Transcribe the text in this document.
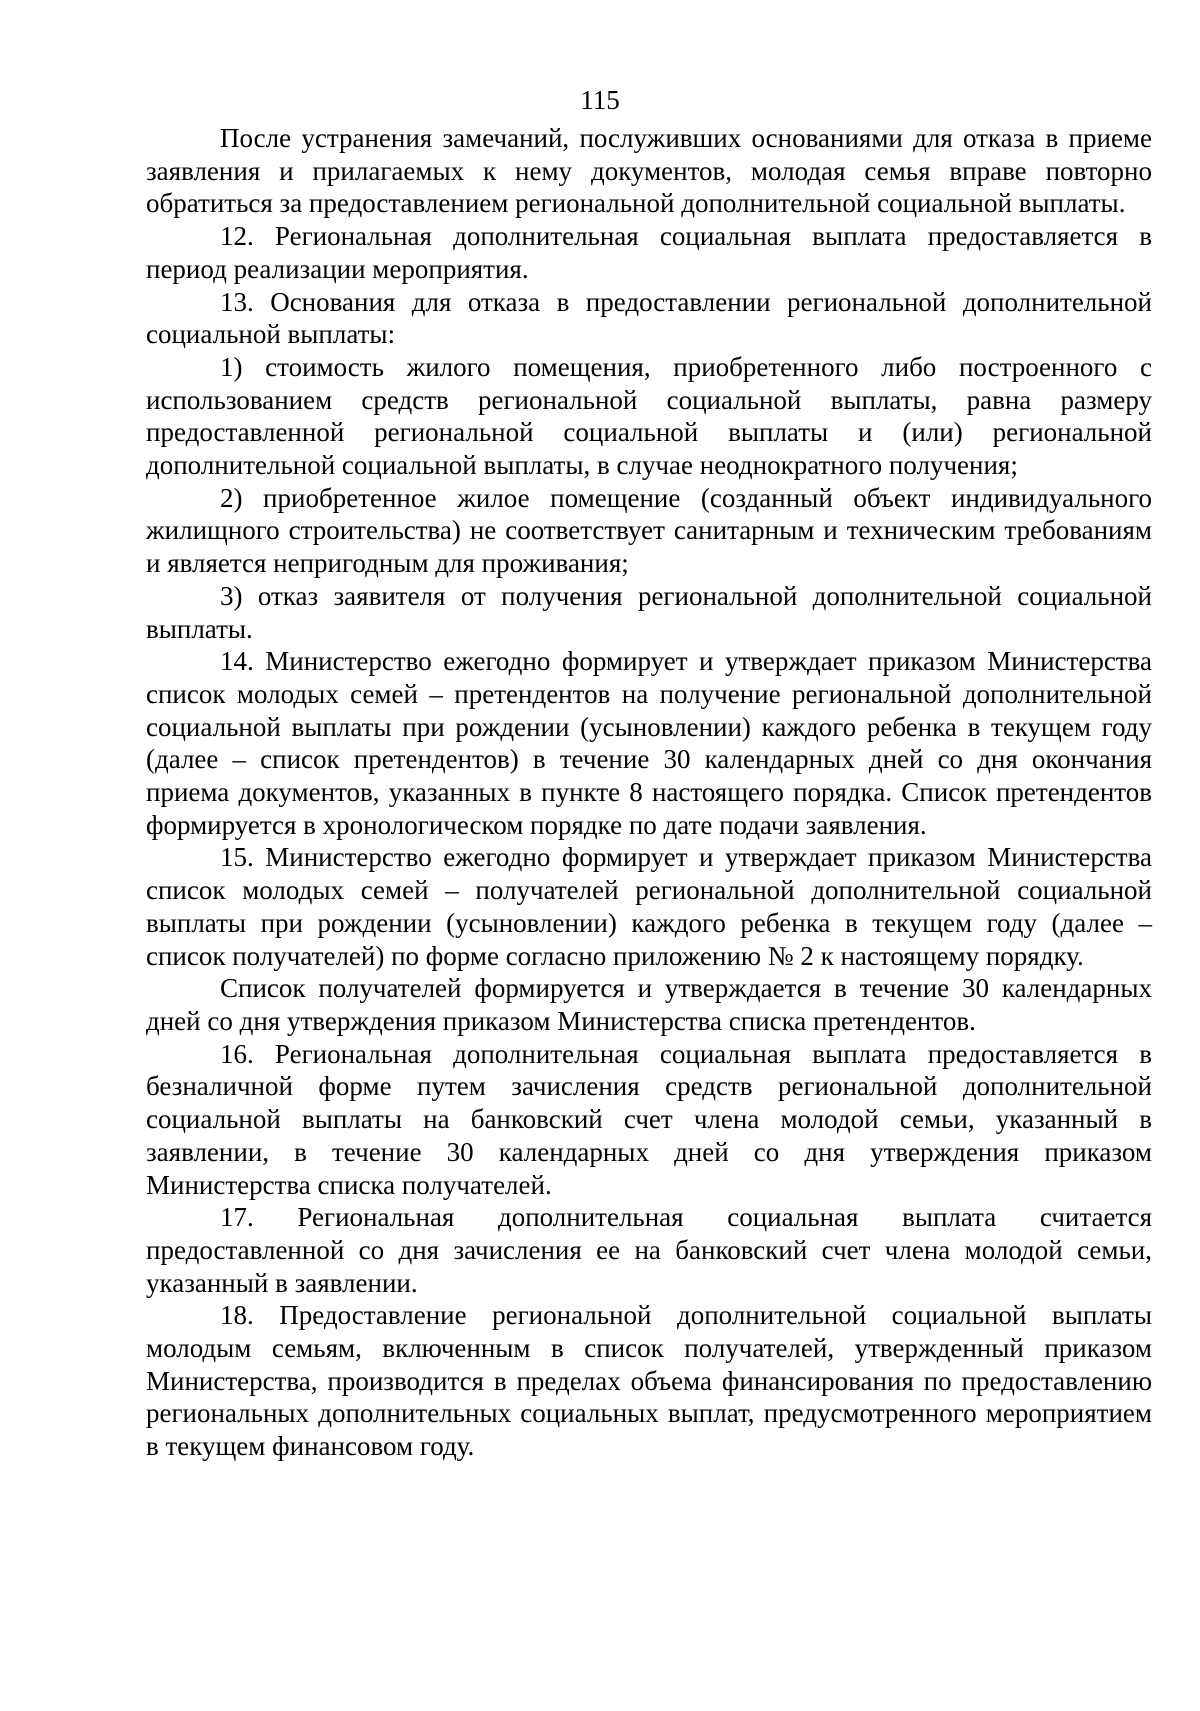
115

После устранения замечаний, послуживших основаниями для отказа в приеме заявления и прилагаемых к нему документов, молодая семья вправе повторно обратиться за предоставлением региональной дополнительной социальной выплаты.

12. Региональная дополнительная социальная выплата предоставляется в период реализации мероприятия.

13. Основания для отказа в предоставлении региональной дополнительной социальной выплаты:

1) стоимость жилого помещения, приобретенного либо построенного с использованием средств региональной социальной выплаты, равна размеру предоставленной региональной социальной выплаты и (или) региональной дополнительной социальной выплаты, в случае неоднократного получения;

2) приобретенное жилое помещение (созданный объект индивидуального жилищного строительства) не соответствует санитарным и техническим требованиям и является непригодным для проживания;

3) отказ заявителя от получения региональной дополнительной социальной выплаты.

14. Министерство ежегодно формирует и утверждает приказом Министерства список молодых семей – претендентов на получение региональной дополнительной социальной выплаты при рождении (усыновлении) каждого ребенка в текущем году (далее – список претендентов) в течение 30 календарных дней со дня окончания приема документов, указанных в пункте 8 настоящего порядка. Список претендентов формируется в хронологическом порядке по дате подачи заявления.

15. Министерство ежегодно формирует и утверждает приказом Министерства список молодых семей – получателей региональной дополнительной социальной выплаты при рождении (усыновлении) каждого ребенка в текущем году (далее – список получателей) по форме согласно приложению № 2 к настоящему порядку.

Список получателей формируется и утверждается в течение 30 календарных дней со дня утверждения приказом Министерства списка претендентов.

16. Региональная дополнительная социальная выплата предоставляется в безналичной форме путем зачисления средств региональной дополнительной социальной выплаты на банковский счет члена молодой семьи, указанный в заявлении, в течение 30 календарных дней со дня утверждения приказом Министерства списка получателей.

17. Региональная дополнительная социальная выплата считается предоставленной со дня зачисления ее на банковский счет члена молодой семьи, указанный в заявлении.

18. Предоставление региональной дополнительной социальной выплаты молодым семьям, включенным в список получателей, утвержденный приказом Министерства, производится в пределах объема финансирования по предоставлению региональных дополнительных социальных выплат, предусмотренного мероприятием в текущем финансовом году.
